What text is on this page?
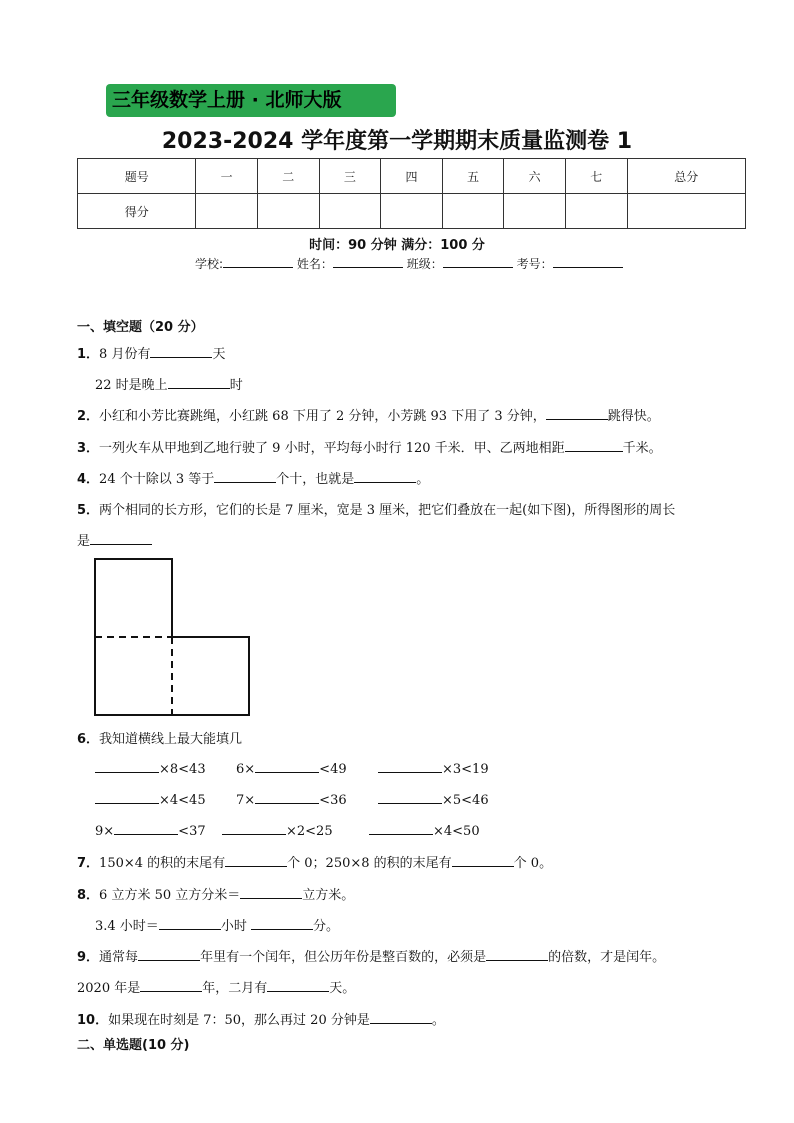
三年级数学上册 · 北师大版
2023-2024 学年度第一学期期末质量监测卷 1
题号	一	二	三	四	五	六	七	总分
得分								
时间：90 分钟 满分：100 分
学校:	姓名：	班级：	考号：
一、填空题（20 分）
1．8 月份有	天
22 时是晚上	时
2．小红和小芳比赛跳绳，小红跳 68 下用了 2 分钟，小芳跳 93 下用了 3 分钟，	跳得快。
3．一列火车从甲地到乙地行驶了 9 小时，平均每小时行 120 千米．甲、乙两地相距	千米。
4．24 个十除以 3 等于	个十，也就是	。
5．两个相同的长方形，它们的长是 7 厘米，宽是 3 厘米，把它们叠放在一起(如下图)，所得图形的周长
是
6．我知道横线上最大能填几
×8<43 6×	<49	×3<19
×4<45 7×	<36	×5<46
9×	<37	×2<25	×4<50
7．150×4 的积的末尾有	个 0；250×8 的积的末尾有	个 0。
8．6 立方米 50 立方分米＝	立方米。
3.4 小时＝	小时	分。
9．通常每	年里有一个闰年，但公历年份是整百数的，必须是	的倍数，才是闰年。
2020 年是	年，二月有	天。
10．如果现在时刻是 7：50，那么再过 20 分钟是	。
二、单选题(10 分)
